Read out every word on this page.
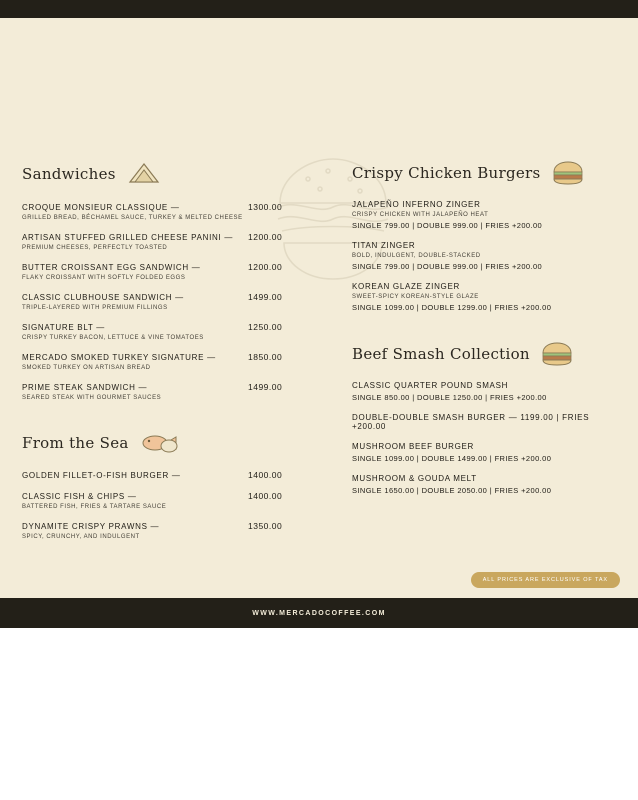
Sandwiches
CROQUE MONSIEUR CLASSIQUE —	1300.00
GRILLED BREAD, BÉCHAMEL SAUCE, TURKEY & MELTED CHEESE
ARTISAN STUFFED GRILLED CHEESE PANINI —	1200.00
PREMIUM CHEESES, PERFECTLY TOASTED
BUTTER CROISSANT EGG SANDWICH —	1200.00
FLAKY CROISSANT WITH SOFTLY FOLDED EGGS
CLASSIC CLUBHOUSE SANDWICH —	1499.00
TRIPLE-LAYERED WITH PREMIUM FILLINGS
SIGNATURE BLT —	1250.00
CRISPY TURKEY BACON, LETTUCE & VINE TOMATOES
MERCADO SMOKED TURKEY SIGNATURE —	1850.00
SMOKED TURKEY ON ARTISAN BREAD
PRIME STEAK SANDWICH —	1499.00
SEARED STEAK WITH GOURMET SAUCES
From the Sea
GOLDEN FILLET-O-FISH BURGER —	1400.00
CLASSIC FISH & CHIPS —	1400.00
BATTERED FISH, FRIES & TARTARE SAUCE
DYNAMITE CRISPY PRAWNS —	1350.00
SPICY, CRUNCHY, AND INDULGENT
Crispy Chicken Burgers
JALAPEÑO INFERNO ZINGER
CRISPY CHICKEN WITH JALAPEÑO HEAT
SINGLE 799.00 | DOUBLE 999.00 | FRIES +200.00
TITAN ZINGER
BOLD, INDULGENT, DOUBLE-STACKED
SINGLE 799.00 | DOUBLE 999.00 | FRIES +200.00
KOREAN GLAZE ZINGER
SWEET-SPICY KOREAN-STYLE GLAZE
SINGLE 1099.00 | DOUBLE 1299.00 | FRIES +200.00
Beef Smash Collection
CLASSIC QUARTER POUND SMASH
SINGLE 850.00 | DOUBLE 1250.00 | FRIES +200.00
DOUBLE-DOUBLE SMASH BURGER — 1199.00 | FRIES +200.00
MUSHROOM BEEF BURGER
SINGLE 1099.00 | DOUBLE 1499.00 | FRIES +200.00
MUSHROOM & GOUDA MELT
SINGLE 1650.00 | DOUBLE 2050.00 | FRIES +200.00
ALL PRICES ARE EXCLUSIVE OF TAX
WWW.MERCADOCOFFEE.COM
